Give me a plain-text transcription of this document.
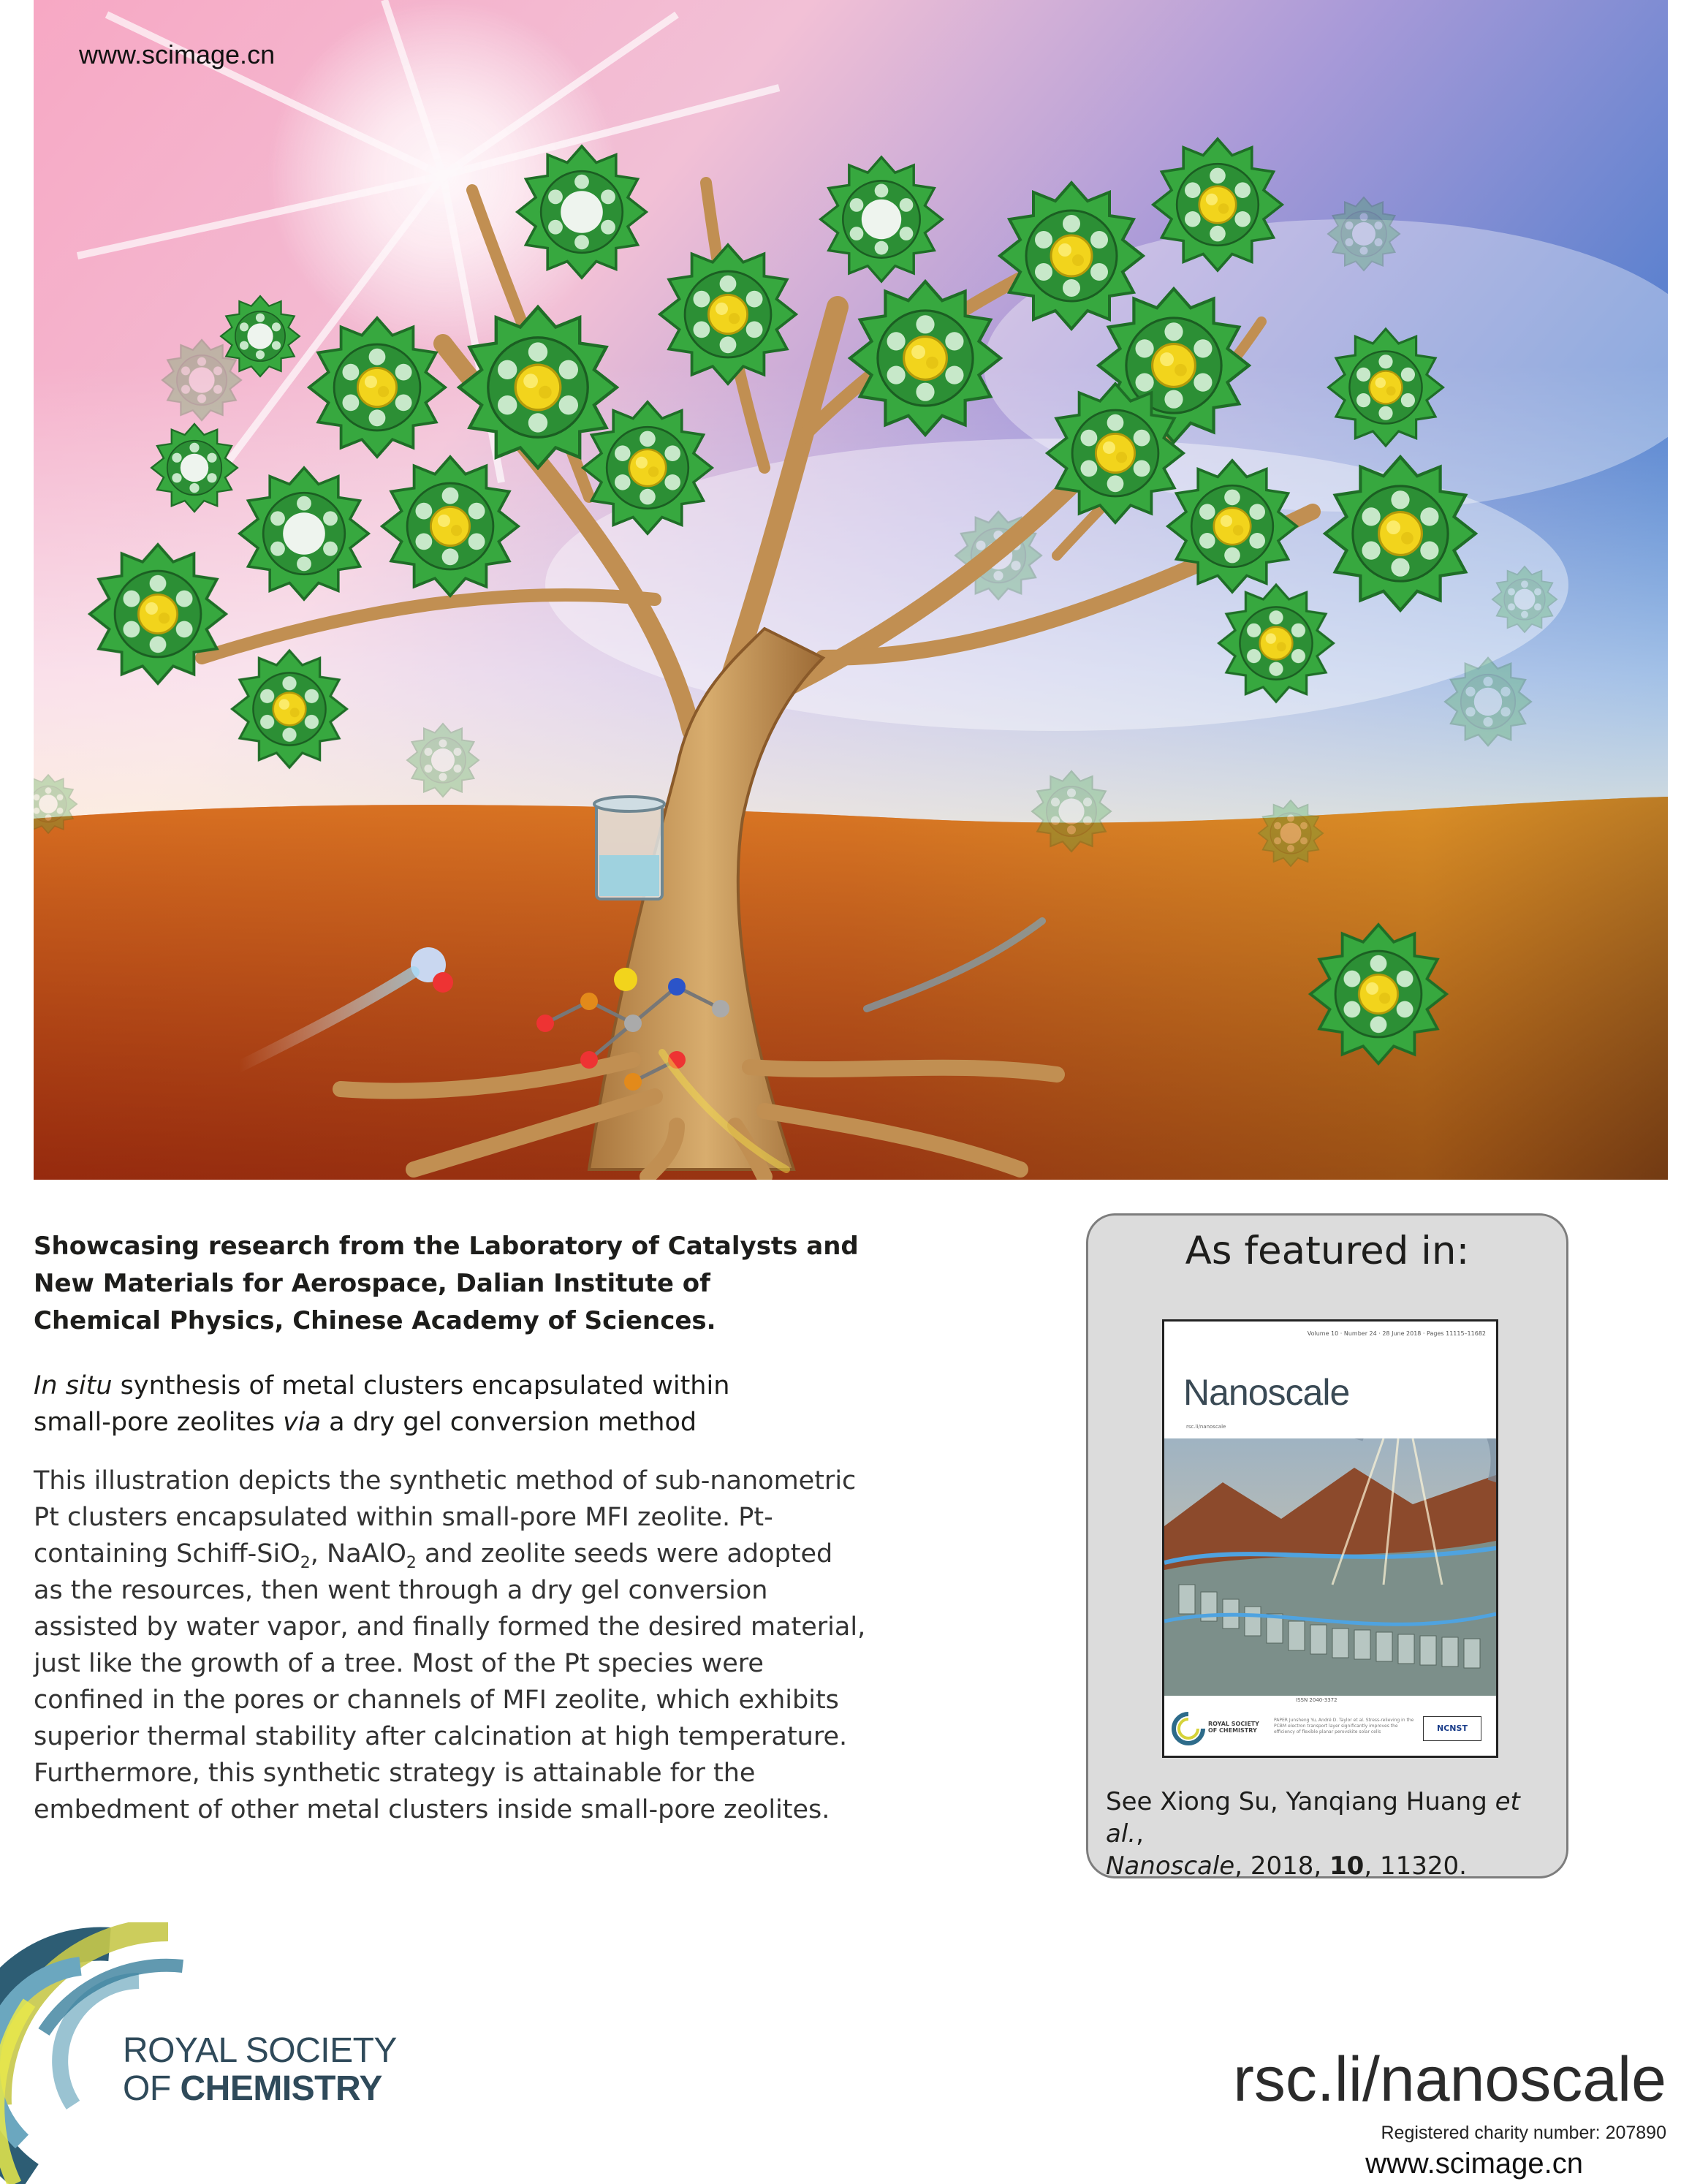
www.scimage.cn

Showcasing research from the Laboratory of Catalysts and
New Materials for Aerospace, Dalian Institute of
Chemical Physics, Chinese Academy of Sciences.

In situ synthesis of metal clusters encapsulated within
small-pore zeolites via a dry gel conversion method

This illustration depicts the synthetic method of sub-nanometric Pt clusters encapsulated within small-pore MFI zeolite. Pt-containing Schiff-SiO$_2$, NaAlO$_2$ and zeolite seeds were adopted as the resources, then went through a dry gel conversion assisted by water vapor, and finally formed the desired material, just like the growth of a tree. Most of the Pt species were confined in the pores or channels of MFI zeolite, which exhibits superior thermal stability after calcination at high temperature. Furthermore, this synthetic strategy is attainable for the embedment of other metal clusters inside small-pore zeolites.

As featured in:
Volume 10 · Number 24 · 28 June 2018 · Pages 11115–11682
Nanoscale
rsc.li/nanoscale
ISSN 2040-3372
ROYAL SOCIETY
OF CHEMISTRY
PAPER Junsheng Yu, André D. Taylor et al. Stress-relieving in the PCBM electron transport layer significantly improves the efficiency of flexible planar perovskite solar cells	NCNST
See Xiong Su, Yanqiang Huang et al.,
Nanoscale, 2018, 10, 11320.
ROYAL SOCIETY
OF CHEMISTRY	rsc.li/nanoscale
Registered charity number: 207890
www.scimage.cn
